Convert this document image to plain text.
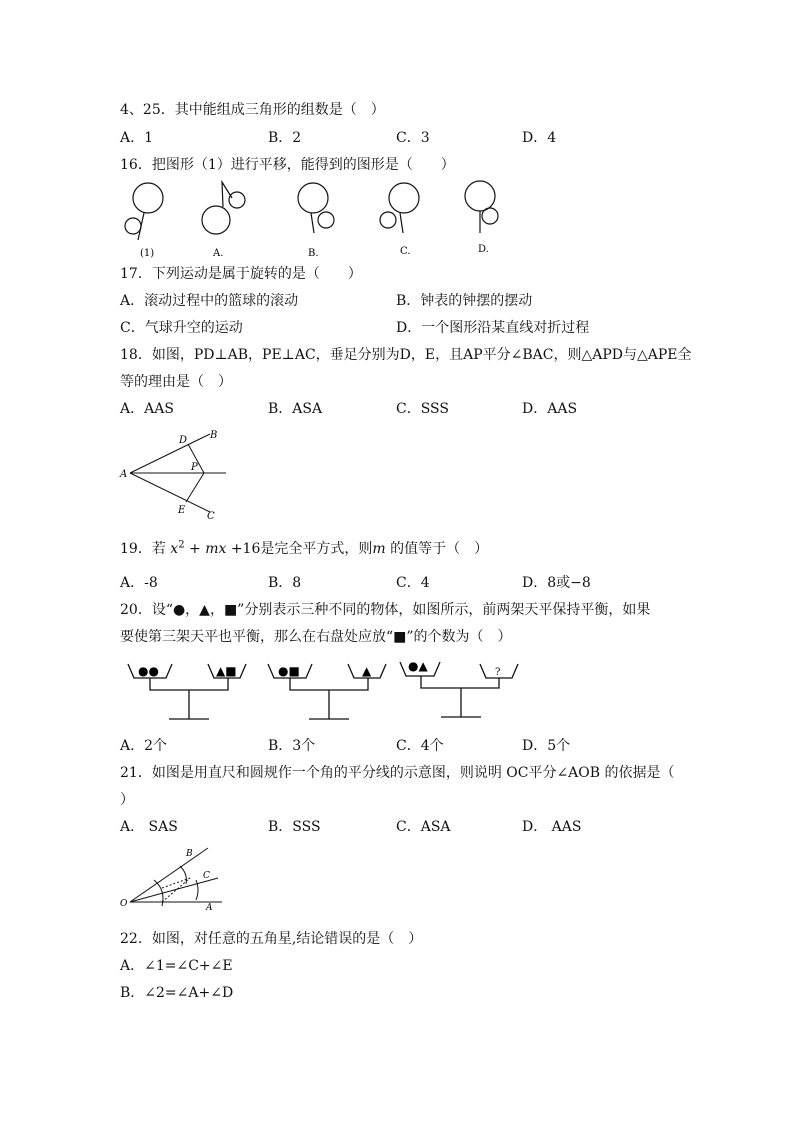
4、25．其中能组成三角形的组数是（　）
A．1	B．2	C．3	D．4
16．把图形（1）进行平移，能得到的图形是（　　）
(1)	A.	B.	C.	D.
17．下列运动是属于旋转的是（　　）
A．滚动过程中的篮球的滚动	B．钟表的钟摆的摆动
C．气球升空的运动	D．一个图形沿某直线对折过程
18．如图，PD⊥AB，PE⊥AC，垂足分别为D，E，且AP平分∠BAC，则△APD与△APE全
等的理由是（　）
A．AAS	B．ASA	C．SSS	D．AAS
A
B
C
D
E
P
19．若 $x^2$ + mx +16是完全平方式，则m 的值等于（　）
A．-8	B．8	C．4	D．8或−8
20．设“●，▲，■”分别表示三种不同的物体，如图所示，前两架天平保持平衡，如果
要使第三架天平也平衡，那么在右盘处应放“■”的个数为（　）
●●	▲■	●■	▲	●▲	?
A．2个	B．3个	C．4个	D．5个
21．如图是用直尺和圆规作一个角的平分线的示意图，则说明 OC平分∠AOB 的依据是（
）
A． SAS	B．SSS	C．ASA	D． AAS
O	A
B
C
22．如图，对任意的五角星,结论错误的是（　）
A．∠1=∠C+∠E
B．∠2=∠A+∠D
